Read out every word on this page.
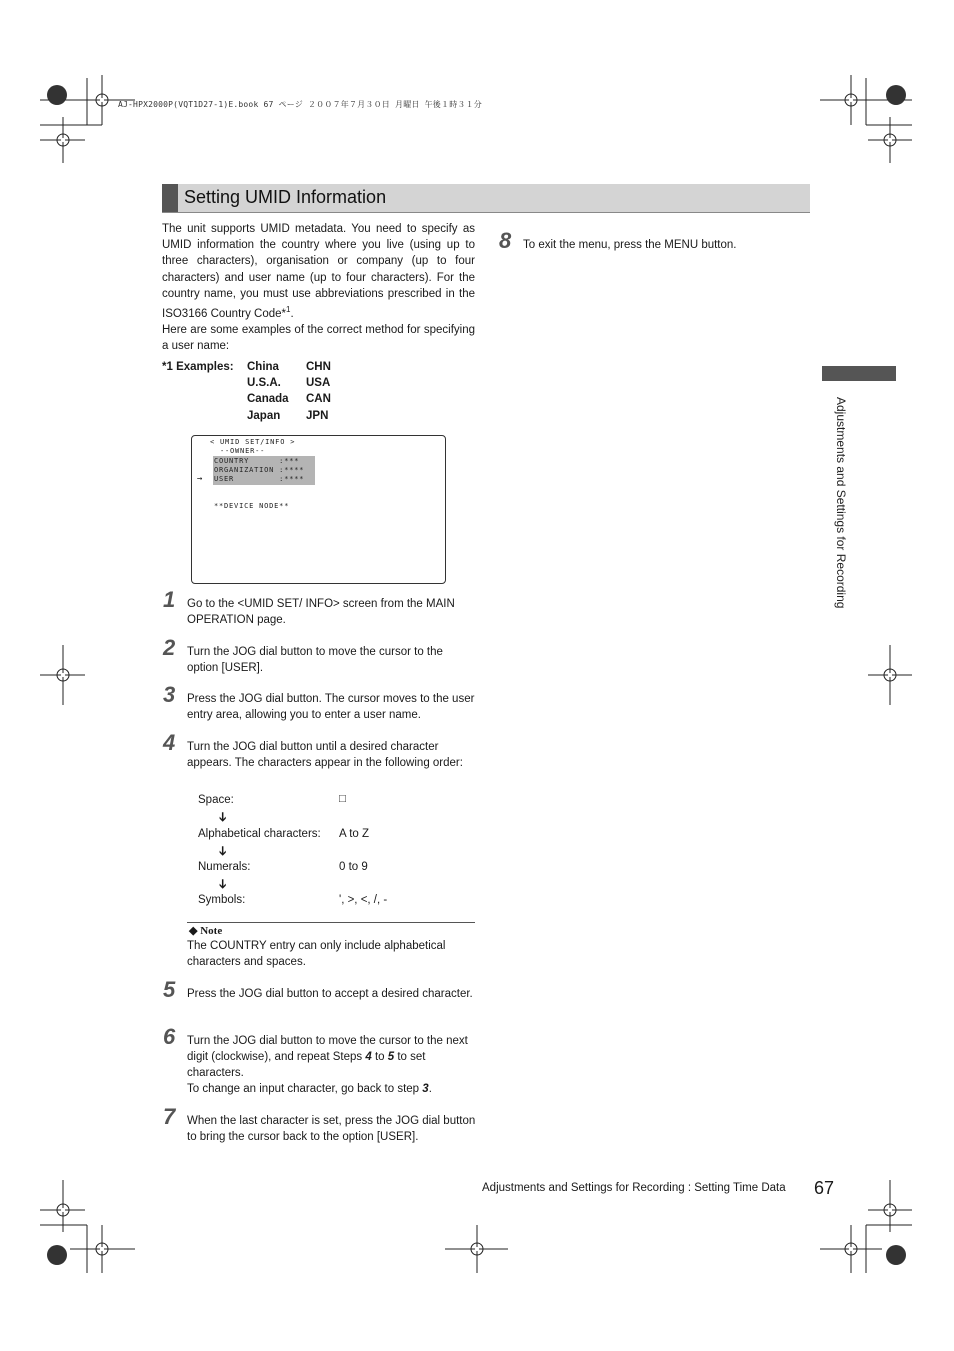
AJ-HPX2000P(VQT1D27-1)E.book 67 ページ ２００７年７月３０日 月曜日 午後１時３１分
Setting UMID Information

The unit supports UMID metadata. You need to specify as UMID information the country where you live (using up to three characters), organisation or company (up to four characters) and user name (up to four characters). For the country name, you must use abbreviations prescribed in the ISO3166 Country Code*$^1$.

Here are some examples of the correct method for specifying a user name:

*1 Examples: China CHN
U.S.A. USA
Canada CAN
Japan JPN
< UMID SET/INFO >
--OWNER--
COUNTRY      :***
ORGANIZATION :****
USER         :****
→
**DEVICE NODE**
1 Go to the <UMID SET/ INFO> screen from the MAIN OPERATION page.
2 Turn the JOG dial button to move the cursor to the option [USER].
3 Press the JOG dial button. The cursor moves to the user entry area, allowing you to enter a user name.
4 Turn the JOG dial button until a desired character appears. The characters appear in the following order:
Space:	□
➔
Alphabetical characters: A to Z
➔
Numerals:	0 to 9
➔
Symbols:	', >, <, /, -
◆ Note
The COUNTRY entry can only include alphabetical characters and spaces.
5 Press the JOG dial button to accept a desired character.
6 Turn the JOG dial button to move the cursor to the next digit (clockwise), and repeat Steps 4 to 5 to set characters.
To change an input character, go back to step 3.
7 When the last character is set, press the JOG dial button to bring the cursor back to the option [USER].
8 To exit the menu, press the MENU button.
Adjustments and Settings for Recording
Adjustments and Settings for Recording : Setting Time Data 67
